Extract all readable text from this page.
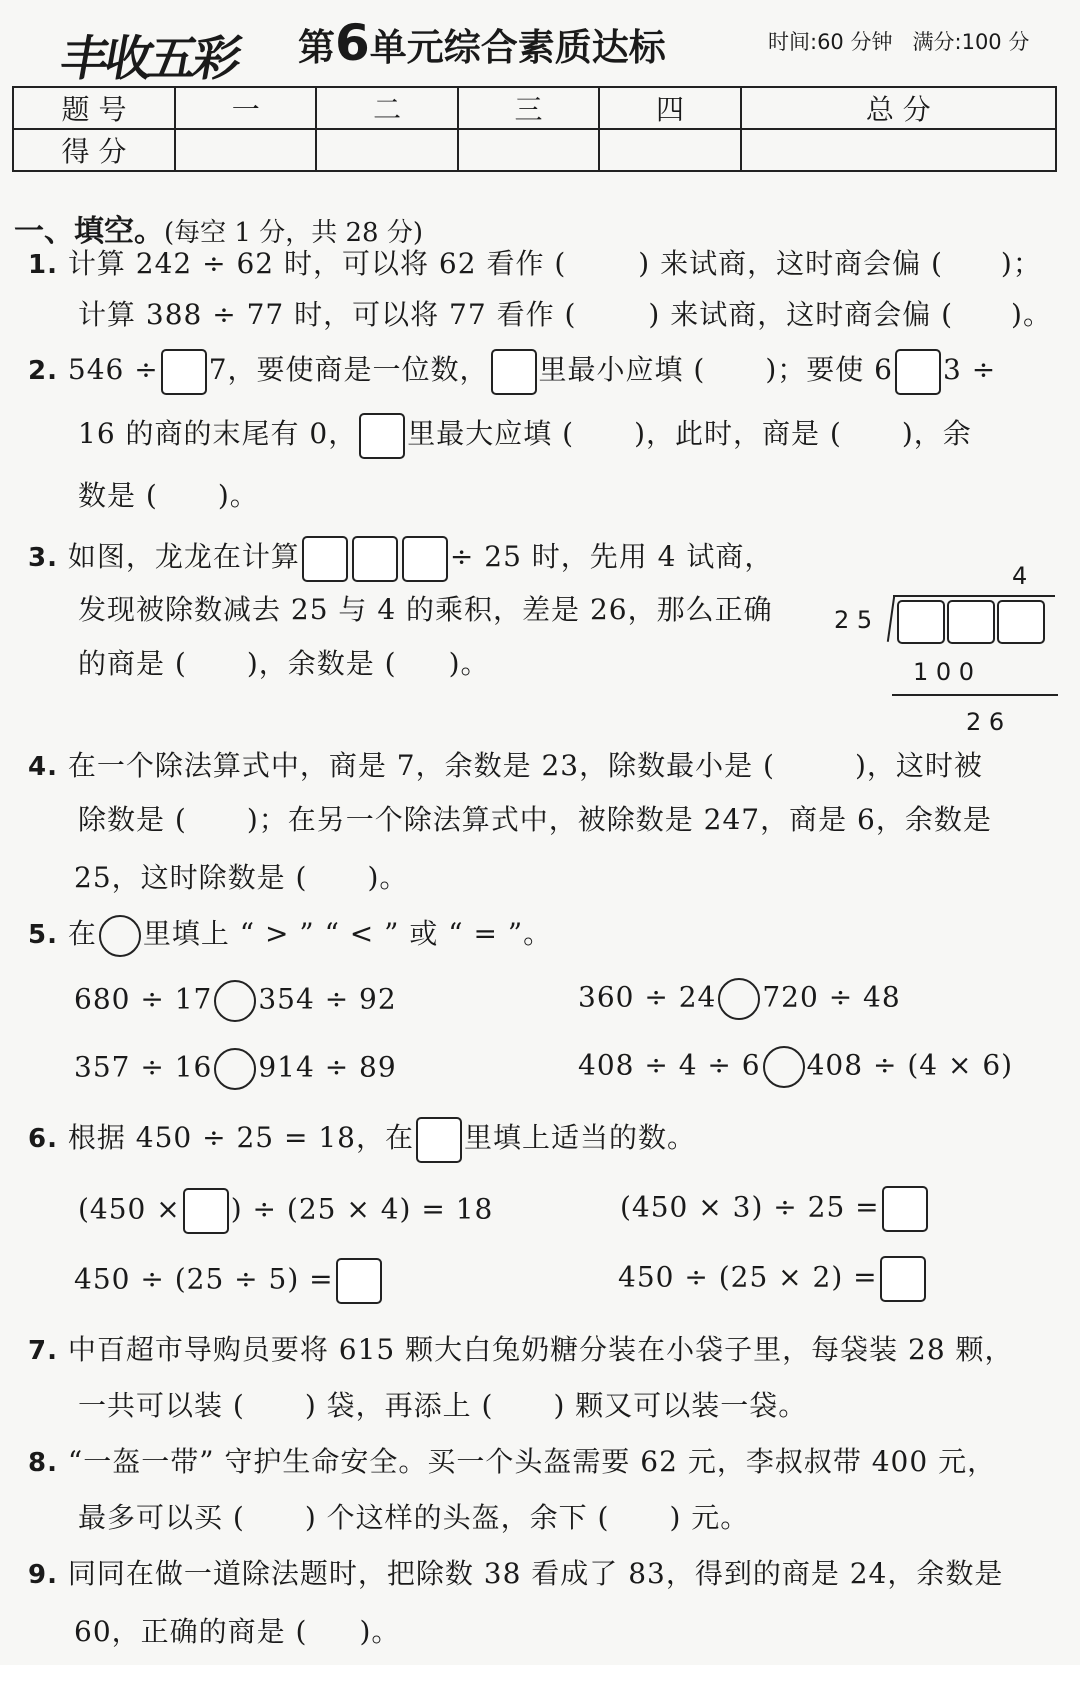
丰收五彩 第6单元综合素质达标	时间:60 分钟 满分:100 分
题 号	一	二	三	四	总 分
得 分					
一、填空。(每空 1 分，共 28 分)
1. 计算 242 ÷ 62 时，可以将 62 看作 (	) 来试商，这时商会偏 ( )；
计算 388 ÷ 77 时，可以将 77 看作 (	) 来试商，这时商会偏 ( )。
2. 546 ÷ 7，要使商是一位数， 里最小应填 ( )；要使 6 3 ÷
16 的商的末尾有 0， 里最大应填 ( )，此时，商是 ( )，余
数是 ( )。
3. 如图，龙龙在计算	÷ 25 时，先用 4 试商，
发现被除数减去 25 与 4 的乘积，差是 26，那么正确
的商是 ( )，余数是 ( )。
4
2 5
1 0 0
2 6
4. 在一个除法算式中，商是 7，余数是 23，除数最小是 (	)，这时被
除数是 ( )；在另一个除法算式中，被除数是 247，商是 6，余数是
25，这时除数是 ( )。
5. 在 里填上 “ > ” “ < ” 或 “ = ”。
680 ÷ 17 354 ÷ 92	360 ÷ 24 720 ÷ 48
357 ÷ 16 914 ÷ 89	408 ÷ 4 ÷ 6 408 ÷ (4 × 6)
6. 根据 450 ÷ 25 = 18，在 里填上适当的数。
(450 × ) ÷ (25 × 4) = 18	(450 × 3) ÷ 25 =
450 ÷ (25 ÷ 5) =	450 ÷ (25 × 2) =
7. 中百超市导购员要将 615 颗大白兔奶糖分装在小袋子里，每袋装 28 颗，
一共可以装 ( ) 袋，再添上 ( ) 颗又可以装一袋。
8. “一盔一带” 守护生命安全。买一个头盔需要 62 元，李叔叔带 400 元，
最多可以买 ( ) 个这样的头盔，余下 ( ) 元。
9. 同同在做一道除法题时，把除数 38 看成了 83，得到的商是 24，余数是
60，正确的商是 ( )。
